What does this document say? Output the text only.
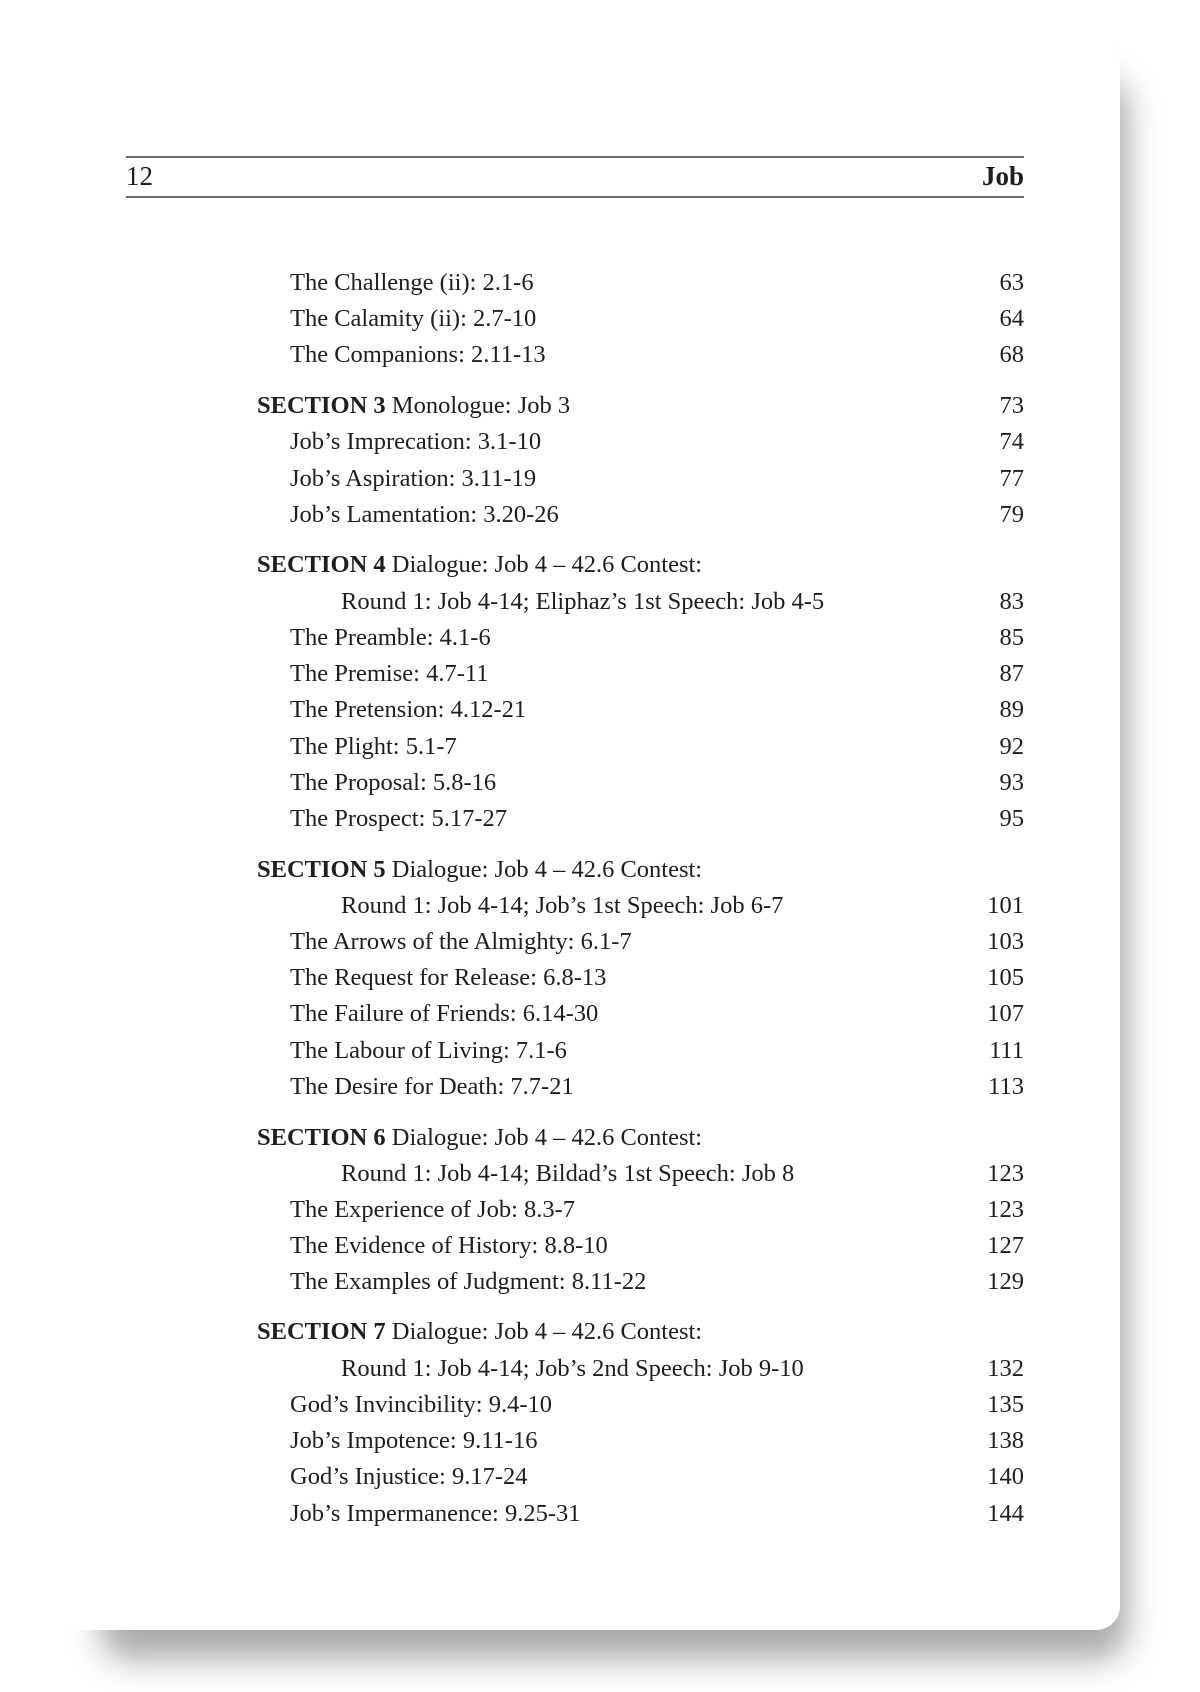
12	Job
The Challenge (ii): 2.1-6	63
The Calamity (ii): 2.7-10	64
The Companions: 2.11-13	68
SECTION 3 Monologue: Job 3	73
Job’s Imprecation: 3.1-10	74
Job’s Aspiration: 3.11-19	77
Job’s Lamentation: 3.20-26	79
SECTION 4 Dialogue: Job 4 – 42.6 Contest:
Round 1: Job 4-14; Eliphaz’s 1st Speech: Job 4-5	83
The Preamble: 4.1-6	85
The Premise: 4.7-11	87
The Pretension: 4.12-21	89
The Plight: 5.1-7	92
The Proposal: 5.8-16	93
The Prospect: 5.17-27	95
SECTION 5 Dialogue: Job 4 – 42.6 Contest:
Round 1: Job 4-14; Job’s 1st Speech: Job 6-7	101
The Arrows of the Almighty: 6.1-7	103
The Request for Release: 6.8-13	105
The Failure of Friends: 6.14-30	107
The Labour of Living: 7.1-6	111
The Desire for Death: 7.7-21	113
SECTION 6 Dialogue: Job 4 – 42.6 Contest:
Round 1: Job 4-14; Bildad’s 1st Speech: Job 8	123
The Experience of Job: 8.3-7	123
The Evidence of History: 8.8-10	127
The Examples of Judgment: 8.11-22	129
SECTION 7 Dialogue: Job 4 – 42.6 Contest:
Round 1: Job 4-14; Job’s 2nd Speech: Job 9-10	132
God’s Invincibility: 9.4-10	135
Job’s Impotence: 9.11-16	138
God’s Injustice: 9.17-24	140
Job’s Impermanence: 9.25-31	144
